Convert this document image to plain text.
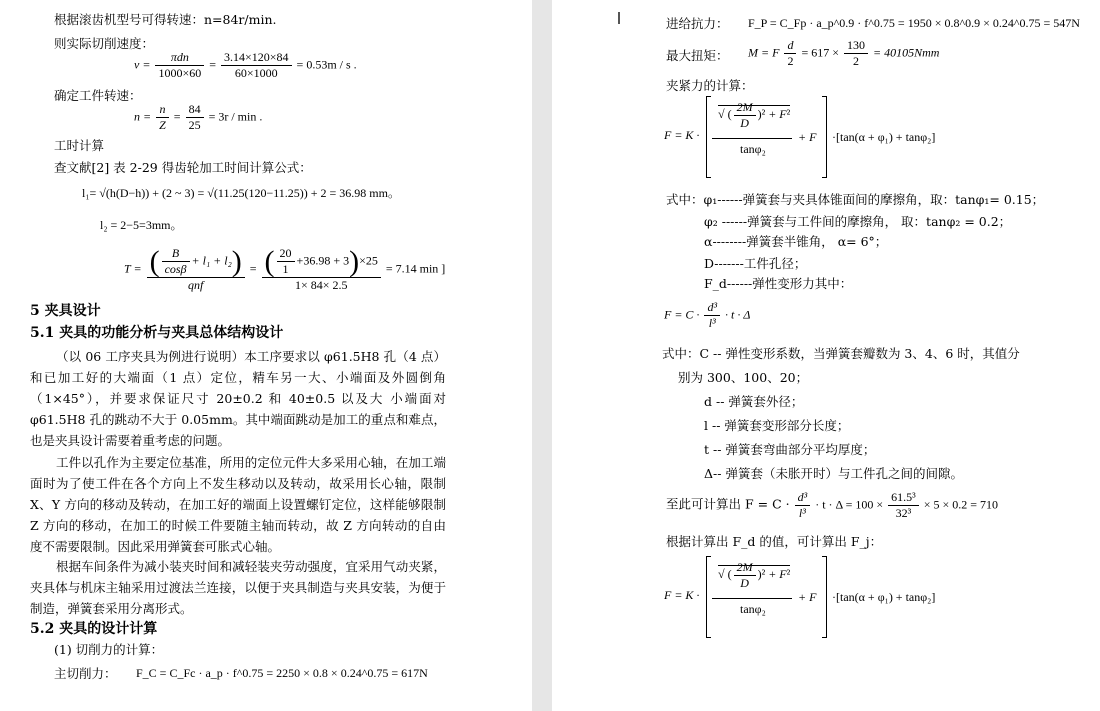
根据滚齿机型号可得转速：n=84r/min.
则实际切削速度：
$v = \frac{\text{πdn}}{1000\times 60} = \frac{3.14\times 120\times 84}{60\times 1000} = 0.53m / s$ .
确定工件转速：
$n = \frac{n}{Z} = \frac{84}{25} = 3r / \min$ .
工时计算
查文献[2] 表 2-29 得齿轮加工时间计算公式：
l₁= √(h(D−h)) + (2 ~ 3) = √(11.25(120−11.25)) + 2 = 36.98 mm。
l₂ = 2−5=3mm。
$T = \frac{( \frac{B}{\cos\beta} + l_1 + l_2)}{\text{qnf}} = \frac{( \frac{20}{1} +36.98 + 3)\times 25}{1\times 84\times 2.5} = 7.14$ min ]
5 夹具设计
5.1 夹具的功能分析与夹具总体结构设计
（以 06 工序夹具为例进行说明）本工序要求以 φ61.5H8 孔（4 点）和已加工好的大端面（1 点）定位，精车另一大、小端面及外圆倒角（1×45°），并要求保证尺寸 20±0.2 和 40±0.5 以及大 小端面对φ61.5H8 孔的跳动不大于 0.05mm。其中端面跳动是加工的重点和难点，也是夹具设计需要着重考虑的问题。
工件以孔作为主要定位基准，所用的定位元件大多采用心轴，在加工端面时为了使工件在各个方向上不发生移动以及转动，故采用长心轴，限制 X、Y 方向的移动及转动，在加工好的端面上设置螺钉定位，这样能够限制 Z 方向的移动，在加工的时候工件要随主轴而转动，故 Z 方向转动的自由度不需要限制。因此采用弹簧套可胀式心轴。
根据车间条件为减小装夹时间和减轻装夹劳动强度，宜采用气动夹紧，夹具体与机床主轴采用过渡法兰连接，以便于夹具制造与夹具安装，为便于制造，弹簧套采用分离形式。
5.2 夹具的设计计算
(1) 切削力的计算：
主切削力： F_C = C_Fc · a_p · f^0.75 = 2250 × 0.8 × 0.24^0.75 = 617N
进给抗力： F_P = C_Fp · a_p^0.9 · f^0.75 = 1950 × 0.8^0.9 × 0.24^0.75 = 547N
最大扭矩： M = F $\frac{d}{2} = 617 \times \frac{130}{2} = 40105Nmm$
夹紧力的计算：
F = K ·
√ ( $\frac{2M}{D} )^2 + F^2$
tanφ₂
+ F ·[tan(α + φ₁) + tanφ₂]
式中：φ₁------弹簧套与夹具体锥面间的摩擦角，取：tanφ₁= 0.15；
φ₂ ------弹簧套与工件间的摩擦角， 取：tanφ₂ = 0.2；
α--------弹簧套半锥角， α= 6°；
D-------工件孔径；
F_d------弹性变形力其中：
$F = C \cdot \frac{\text{d³}}{\text{l³}} \cdot t \cdot \Delta$
式中：C -- 弹性变形系数，当弹簧套瓣数为 3、4、6 时，其值分
别为 300、100、20；
d -- 弹簧套外径；
l -- 弹簧套变形部分长度；
t -- 弹簧套弯曲部分平均厚度；
Δ-- 弹簧套（未胀开时）与工件孔之间的间隙。
至此可计算出 $F = C \cdot \frac{\text{d³}}{\text{l³}} \cdot t \cdot \Delta = 100 \times \frac{\text{61.5³}}{\text{32³}} \times 5 \times 0.2 = 710$
根据计算出 F_d 的值，可计算出 F_j：
F = K ·
√ ( $\frac{2M}{D} )^2 + F^2$
tanφ₂
+ F ·[tan(α + φ₁) + tanφ₂]
